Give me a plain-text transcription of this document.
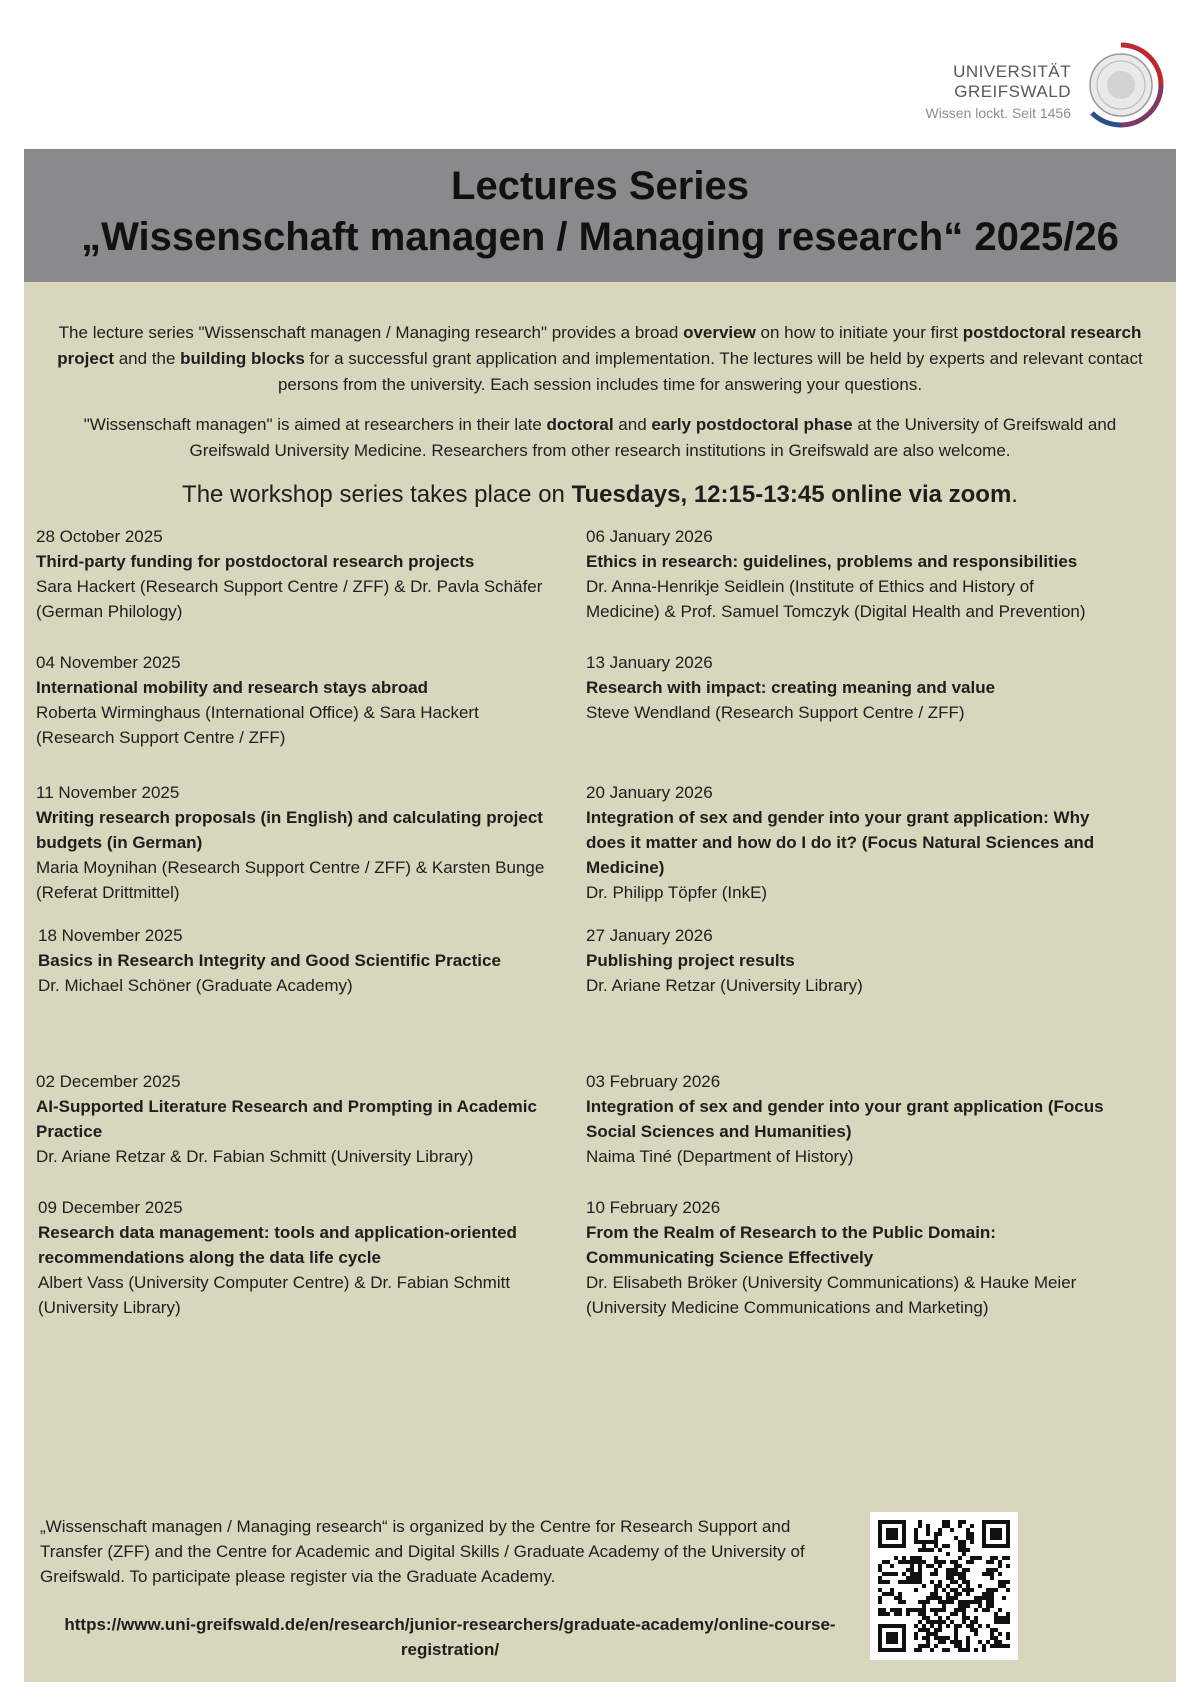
UNIVERSITÄT GREIFSWALD
Wissen lockt. Seit 1456
Lectures Series
„Wissenschaft managen / Managing research“ 2025/26
The lecture series "Wissenschaft managen / Managing research" provides a broad overview on how to initiate your first postdoctoral research project and the building blocks for a successful grant application and implementation. The lectures will be held by experts and relevant contact persons from the university. Each session includes time for answering your questions.
"Wissenschaft managen" is aimed at researchers in their late doctoral and early postdoctoral phase at the University of Greifswald and Greifswald University Medicine. Researchers from other research institutions in Greifswald are also welcome.
The workshop series takes place on Tuesdays, 12:15-13:45 online via zoom.
28 October 2025
Third-party funding for postdoctoral research projects
Sara Hackert (Research Support Centre / ZFF) & Dr. Pavla Schäfer (German Philology)
04 November 2025
International mobility and research stays abroad
Roberta Wirminghaus (International Office) & Sara Hackert (Research Support Centre / ZFF)
11 November 2025
Writing research proposals (in English) and calculating project budgets (in German)
Maria Moynihan (Research Support Centre / ZFF) & Karsten Bunge (Referat Drittmittel)
18 November 2025
Basics in Research Integrity and Good Scientific Practice
Dr. Michael Schöner (Graduate Academy)
02 December 2025
AI-Supported Literature Research and Prompting in Academic Practice
Dr. Ariane Retzar & Dr. Fabian Schmitt (University Library)
09 December 2025
Research data management: tools and application-oriented recommendations along the data life cycle
Albert Vass (University Computer Centre) & Dr. Fabian Schmitt (University Library)
06 January 2026
Ethics in research: guidelines, problems and responsibilities
Dr. Anna-Henrikje Seidlein (Institute of Ethics and History of Medicine) & Prof. Samuel Tomczyk (Digital Health and Prevention)
13 January 2026
Research with impact: creating meaning and value
Steve Wendland (Research Support Centre / ZFF)
20 January 2026
Integration of sex and gender into your grant application: Why does it matter and how do I do it? (Focus Natural Sciences and Medicine)
Dr. Philipp Töpfer (InkE)
27 January 2026
Publishing project results
Dr. Ariane Retzar (University Library)
03 February 2026
Integration of sex and gender into your grant application (Focus Social Sciences and Humanities)
Naima Tiné (Department of History)
10 February 2026
From the Realm of Research to the Public Domain: Communicating Science Effectively
Dr. Elisabeth Bröker (University Communications) & Hauke Meier (University Medicine Communications and Marketing)
„Wissenschaft managen / Managing research“ is organized by the Centre for Research Support and Transfer (ZFF) and the Centre for Academic and Digital Skills / Graduate Academy of the University of Greifswald. To participate please register via the Graduate Academy.
https://www.uni-greifswald.de/en/research/junior-researchers/graduate-academy/online-course-registration/
